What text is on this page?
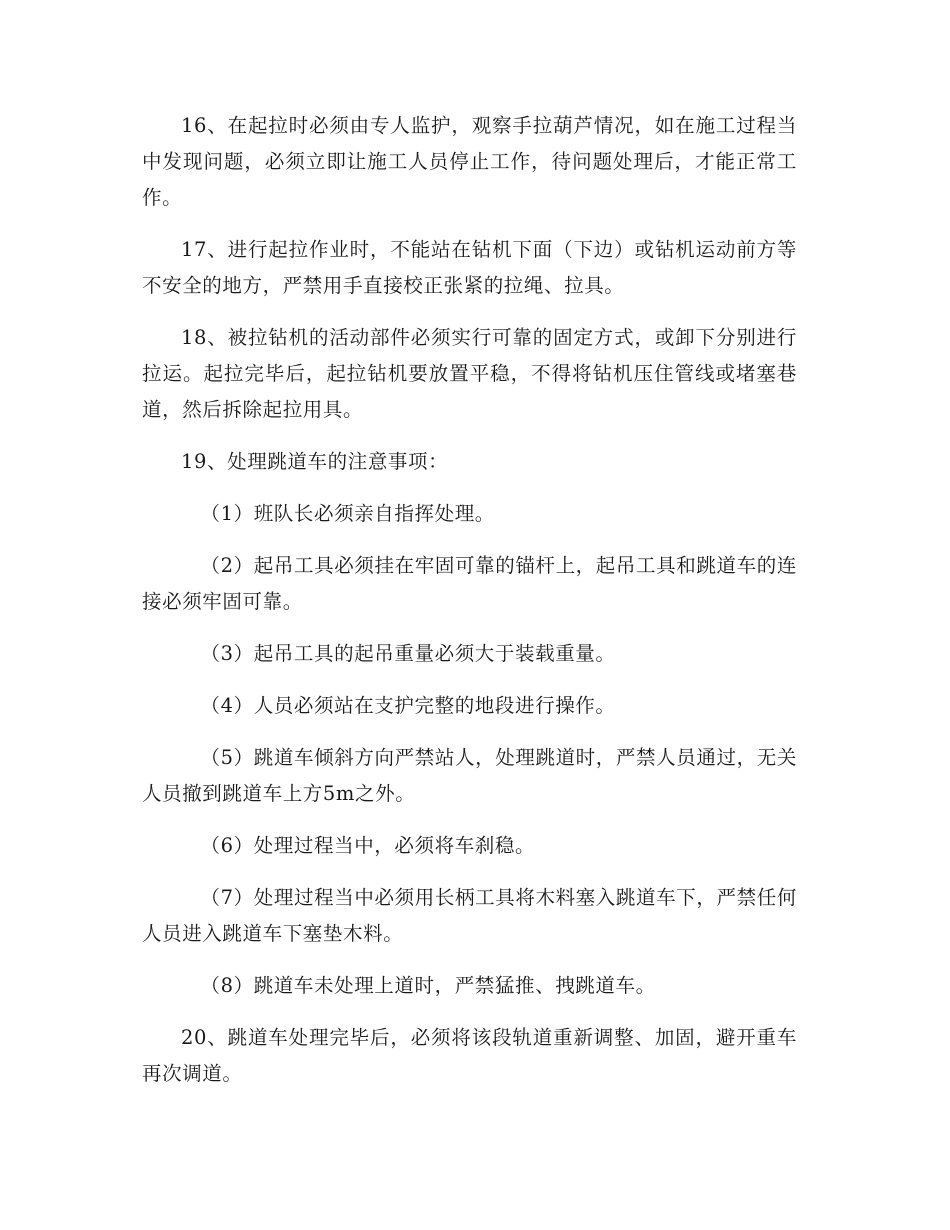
16、在起拉时必须由专人监护，观察手拉葫芦情况，如在施工过程当中发现问题，必须立即让施工人员停止工作，待问题处理后，才能正常工作。

17、进行起拉作业时，不能站在钻机下面（下边）或钻机运动前方等不安全的地方，严禁用手直接校正张紧的拉绳、拉具。

18、被拉钻机的活动部件必须实行可靠的固定方式，或卸下分别进行拉运。起拉完毕后，起拉钻机要放置平稳，不得将钻机压住管线或堵塞巷道，然后拆除起拉用具。

19、处理跳道车的注意事项：

（1）班队长必须亲自指挥处理。

（2）起吊工具必须挂在牢固可靠的锚杆上，起吊工具和跳道车的连接必须牢固可靠。

（3）起吊工具的起吊重量必须大于装载重量。

（4）人员必须站在支护完整的地段进行操作。

（5）跳道车倾斜方向严禁站人，处理跳道时，严禁人员通过，无关人员撤到跳道车上方5m之外。

（6）处理过程当中，必须将车刹稳。

（7）处理过程当中必须用长柄工具将木料塞入跳道车下，严禁任何人员进入跳道车下塞垫木料。

（8）跳道车未处理上道时，严禁猛推、拽跳道车。

20、跳道车处理完毕后，必须将该段轨道重新调整、加固，避开重车再次调道。
